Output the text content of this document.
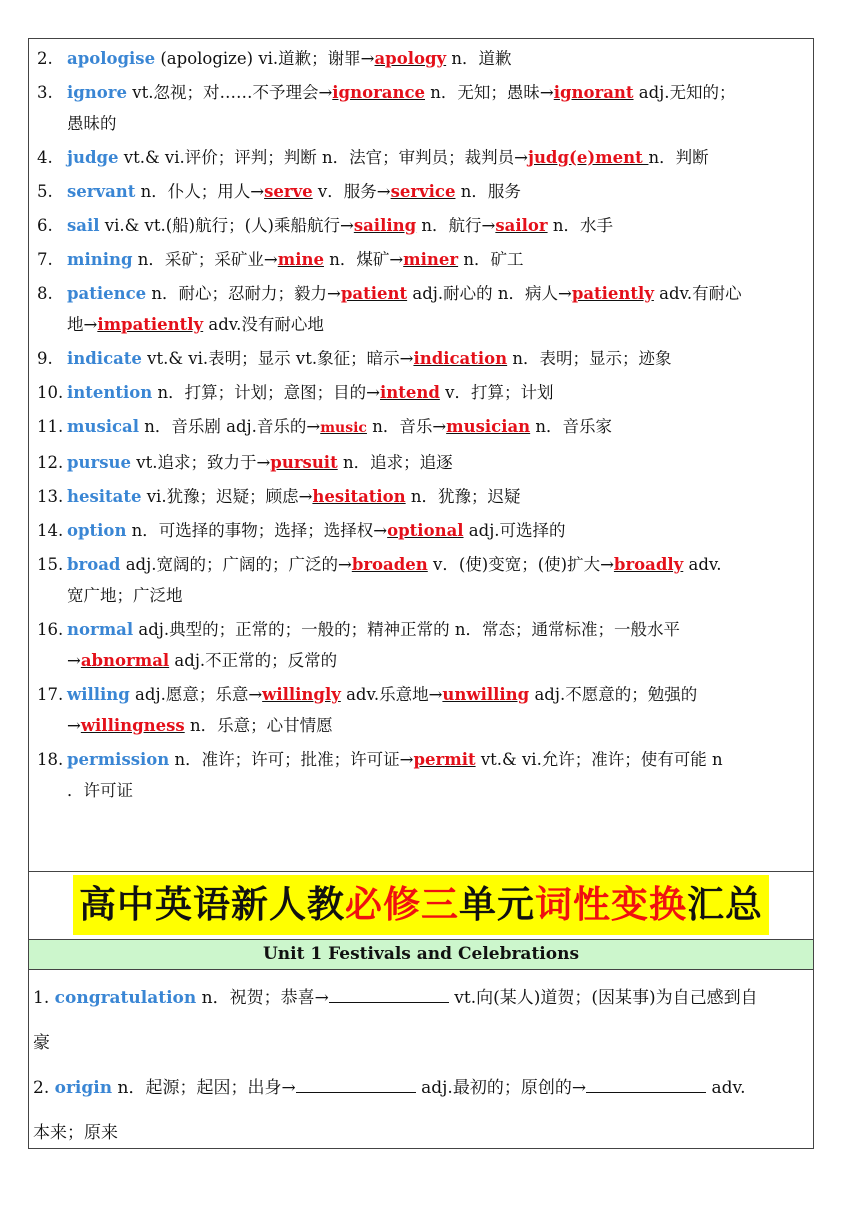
2. apologise (apologize) vi.道歉；谢罪→apology n．道歉
3. ignore vt.忽视；对……不予理会→ignorance n．无知；愚昧→ignorant adj.无知的；
愚昧的
4. judge vt.& vi.评价；评判；判断 n．法官；审判员；裁判员→judg(e)ment n．判断
5. servant n．仆人；用人→serve v．服务→service n．服务
6. sail vi.& vt.(船)航行；(人)乘船航行→sailing n．航行→sailor n．水手
7. mining n．采矿；采矿业→mine n．煤矿→miner n．矿工
8. patience n．耐心；忍耐力；毅力→patient adj.耐心的 n．病人→patiently adv.有耐心
地→impatiently adv.没有耐心地
9. indicate vt.& vi.表明；显示 vt.象征；暗示→indication n．表明；显示；迹象
10. intention n．打算；计划；意图；目的→intend v．打算；计划
11. musical n．音乐剧 adj.音乐的→music n．音乐→musician n．音乐家
12. pursue vt.追求；致力于→pursuit n．追求；追逐
13. hesitate vi.犹豫；迟疑；顾虑→hesitation n．犹豫；迟疑
14. option n．可选择的事物；选择；选择权→optional adj.可选择的
15. broad adj.宽阔的；广阔的；广泛的→broaden v．(使)变宽；(使)扩大→broadly adv.
宽广地；广泛地
16. normal adj.典型的；正常的；一般的；精神正常的 n．常态；通常标准；一般水平
→abnormal adj.不正常的；反常的
17. willing adj.愿意；乐意→willingly adv.乐意地→unwilling adj.不愿意的；勉强的
→willingness n．乐意；心甘情愿
18. permission n．准许；许可；批准；许可证→permit vt.& vi.允许；准许；使有可能 n
．许可证
高中英语新人教必修三单元词性变换汇总
Unit 1 Festivals and Celebrations

1. congratulation n．祝贺；恭喜→	vt.向(某人)道贺；(因某事)为自己感到自

豪

2. origin n．起源；起因；出身→	adj.最初的；原创的→	adv.

本来；原来
